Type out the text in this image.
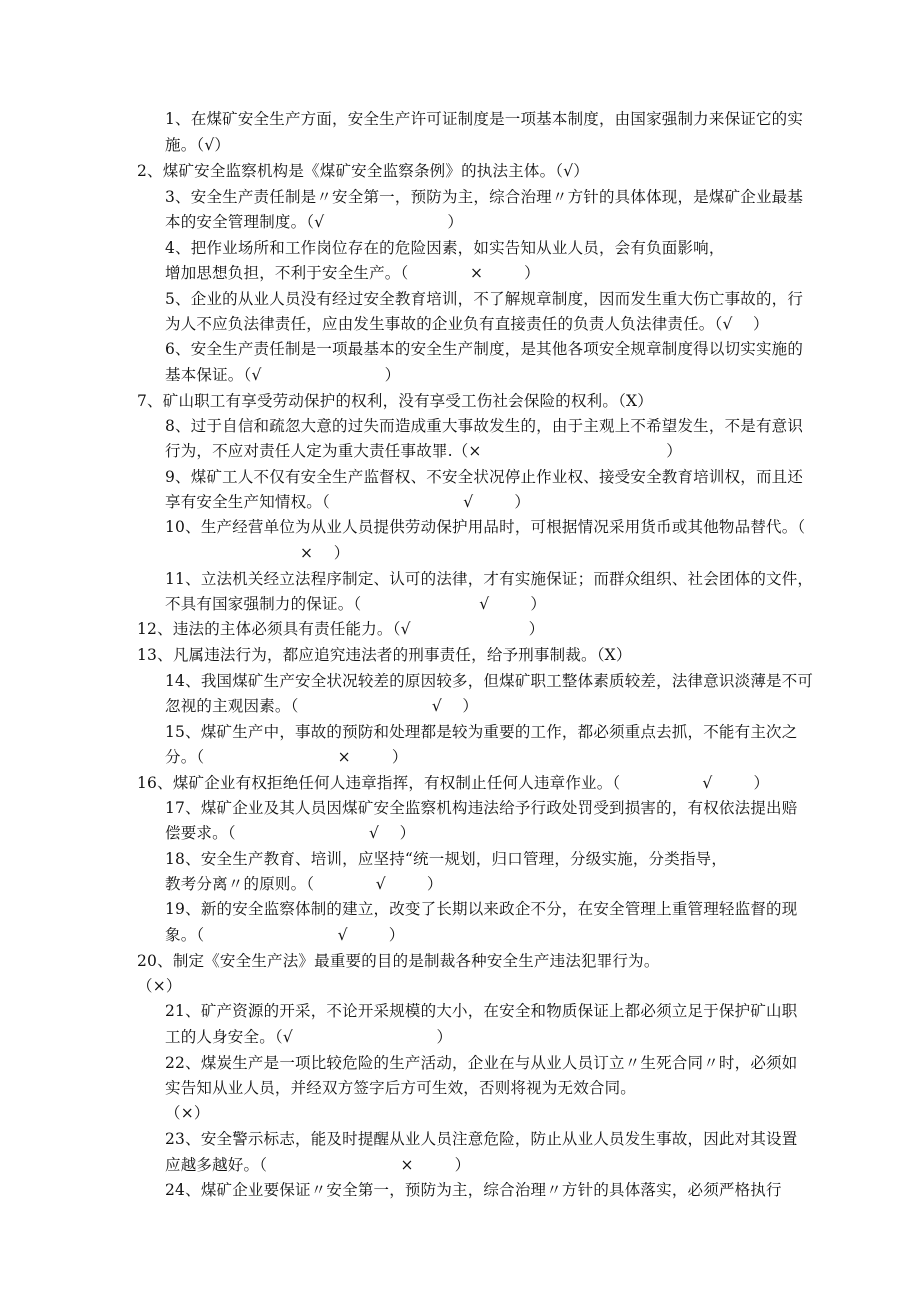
1、在煤矿安全生产方面，安全生产许可证制度是一项基本制度，由国家强制力来保证它的实
施。（√）
2、煤矿安全监察机构是《煤矿安全监察条例》的执法主体。（√）
3、安全生产责任制是〃安全第一，预防为主，综合治理〃方针的具体体现，是煤矿企业最基
本的安全管理制度。（√                        ）
4、把作业场所和工作岗位存在的危险因素，如实告知从业人员，会有负面影响，
增加思想负担，不利于安全生产。（            ×        ）
5、企业的从业人员没有经过安全教育培训，不了解规章制度，因而发生重大伤亡事故的，行
为人不应负法律责任，应由发生事故的企业负有直接责任的负责人负法律责任。（√    ）
6、安全生产责任制是一项最基本的安全生产制度，是其他各项安全规章制度得以切实实施的
基本保证。（√                        ）
7、矿山职工有享受劳动保护的权利，没有享受工伤社会保险的权利。（X）
8、过于自信和疏忽大意的过失而造成重大事故发生的，由于主观上不希望发生，不是有意识
行为，不应对责任人定为重大责任事故罪.（×                                    ）
9、煤矿工人不仅有安全生产监督权、不安全状况停止作业权、接受安全教育培训权，而且还
享有安全生产知情权。（                          √        ）
10、生产经营单位为从业人员提供劳动保护用品时，可根据情况采用货币或其他物品替代。（
×    ）
11、立法机关经立法程序制定、认可的法律，才有实施保证；而群众组织、社会团体的文件，
不具有国家强制力的保证。（                       √        ）
12、违法的主体必须具有责任能力。（√                       ）
13、凡属违法行为，都应追究违法者的刑事责任，给予刑事制裁。（X）
14、我国煤矿生产安全状况较差的原因较多，但煤矿职工整体素质较差，法律意识淡薄是不可
忽视的主观因素。（                          √    ）
15、煤矿生产中，事故的预防和处理都是较为重要的工作，都必须重点去抓，不能有主次之
分。（                          ×        ）
16、煤矿企业有权拒绝任何人违章指挥，有权制止任何人违章作业。（                √        ）
17、煤矿企业及其人员因煤矿安全监察机构违法给予行政处罚受到损害的，有权依法提出赔
偿要求。（                          √    ）
18、安全生产教育、培训，应坚持“统一规划，归口管理，分级实施，分类指导，
教考分离〃的原则。（            √        ）
19、新的安全监察体制的建立，改变了长期以来政企不分，在安全管理上重管理轻监督的现
象。（                          √        ）
20、制定《安全生产法》最重要的目的是制裁各种安全生产违法犯罪行为。
（×）
21、矿产资源的开采，不论开采规模的大小，在安全和物质保证上都必须立足于保护矿山职
工的人身安全。（√                            ）
22、煤炭生产是一项比较危险的生产活动，企业在与从业人员订立〃生死合同〃时，必须如
实告知从业人员，并经双方签字后方可生效，否则将视为无效合同。
（×）
23、安全警示标志，能及时提醒从业人员注意危险，防止从业人员发生事故，因此对其设置
应越多越好。（                          ×        ）
24、煤矿企业要保证〃安全第一，预防为主，综合治理〃方针的具体落实，必须严格执行
